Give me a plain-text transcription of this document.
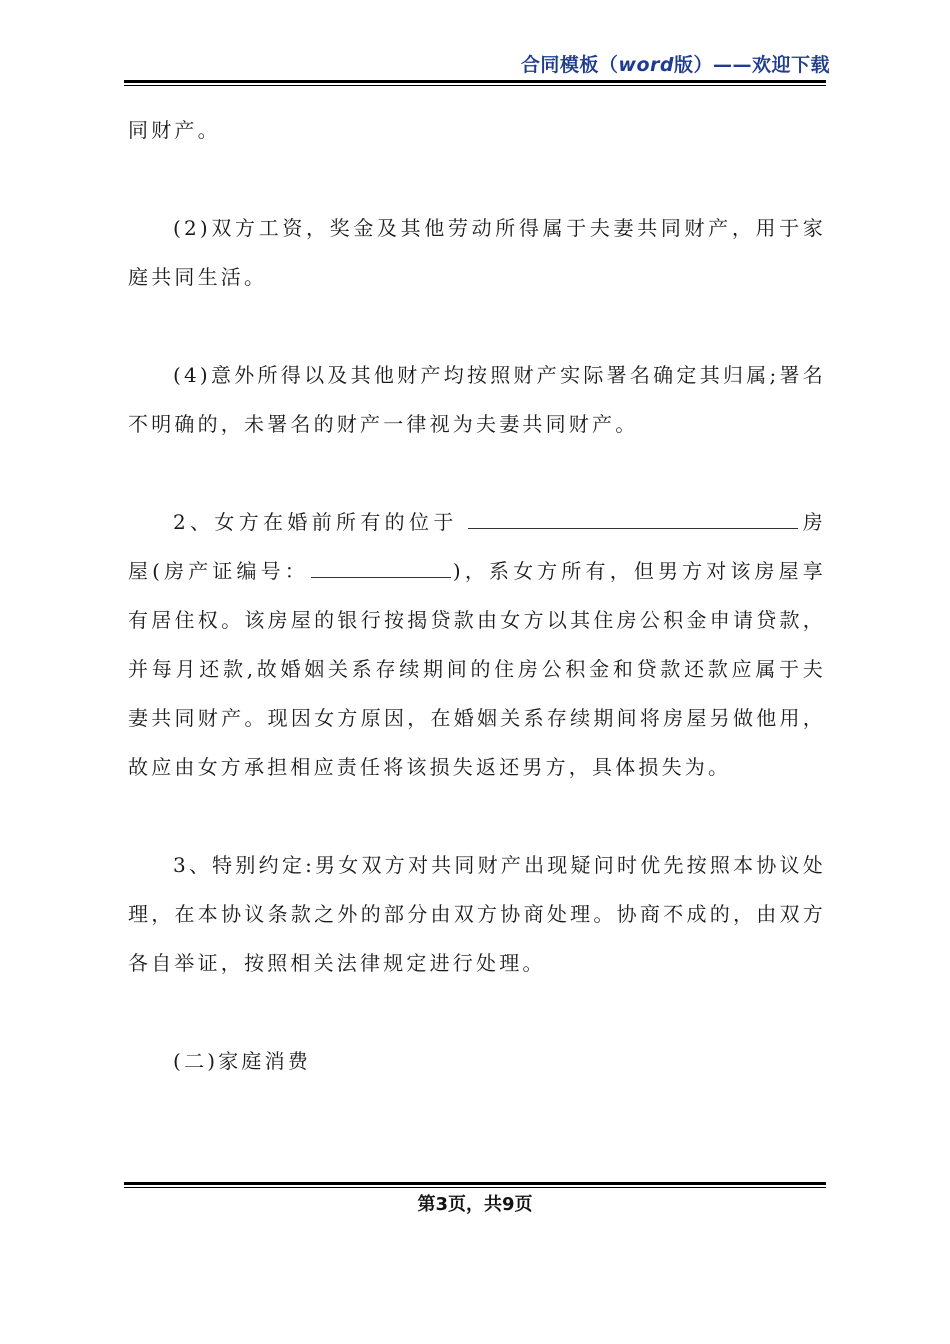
合同模板（word版）——欢迎下载

同财产。

(2)双方工资，奖金及其他劳动所得属于夫妻共同财产，用于家庭共同生活。

(4)意外所得以及其他财产均按照财产实际署名确定其归属;署名不明确的，未署名的财产一律视为夫妻共同财产。

2、女方在婚前所有的位于	房屋(房产证编号：	)，系女方所有，但男方对该房屋享有居住权。该房屋的银行按揭贷款由女方以其住房公积金申请贷款，并每月还款,故婚姻关系存续期间的住房公积金和贷款还款应属于夫妻共同财产。现因女方原因，在婚姻关系存续期间将房屋另做他用，故应由女方承担相应责任将该损失返还男方，具体损失为。

3、特别约定:男女双方对共同财产出现疑问时优先按照本协议处理，在本协议条款之外的部分由双方协商处理。协商不成的，由双方各自举证，按照相关法律规定进行处理。

(二)家庭消费

第3页，共9页
